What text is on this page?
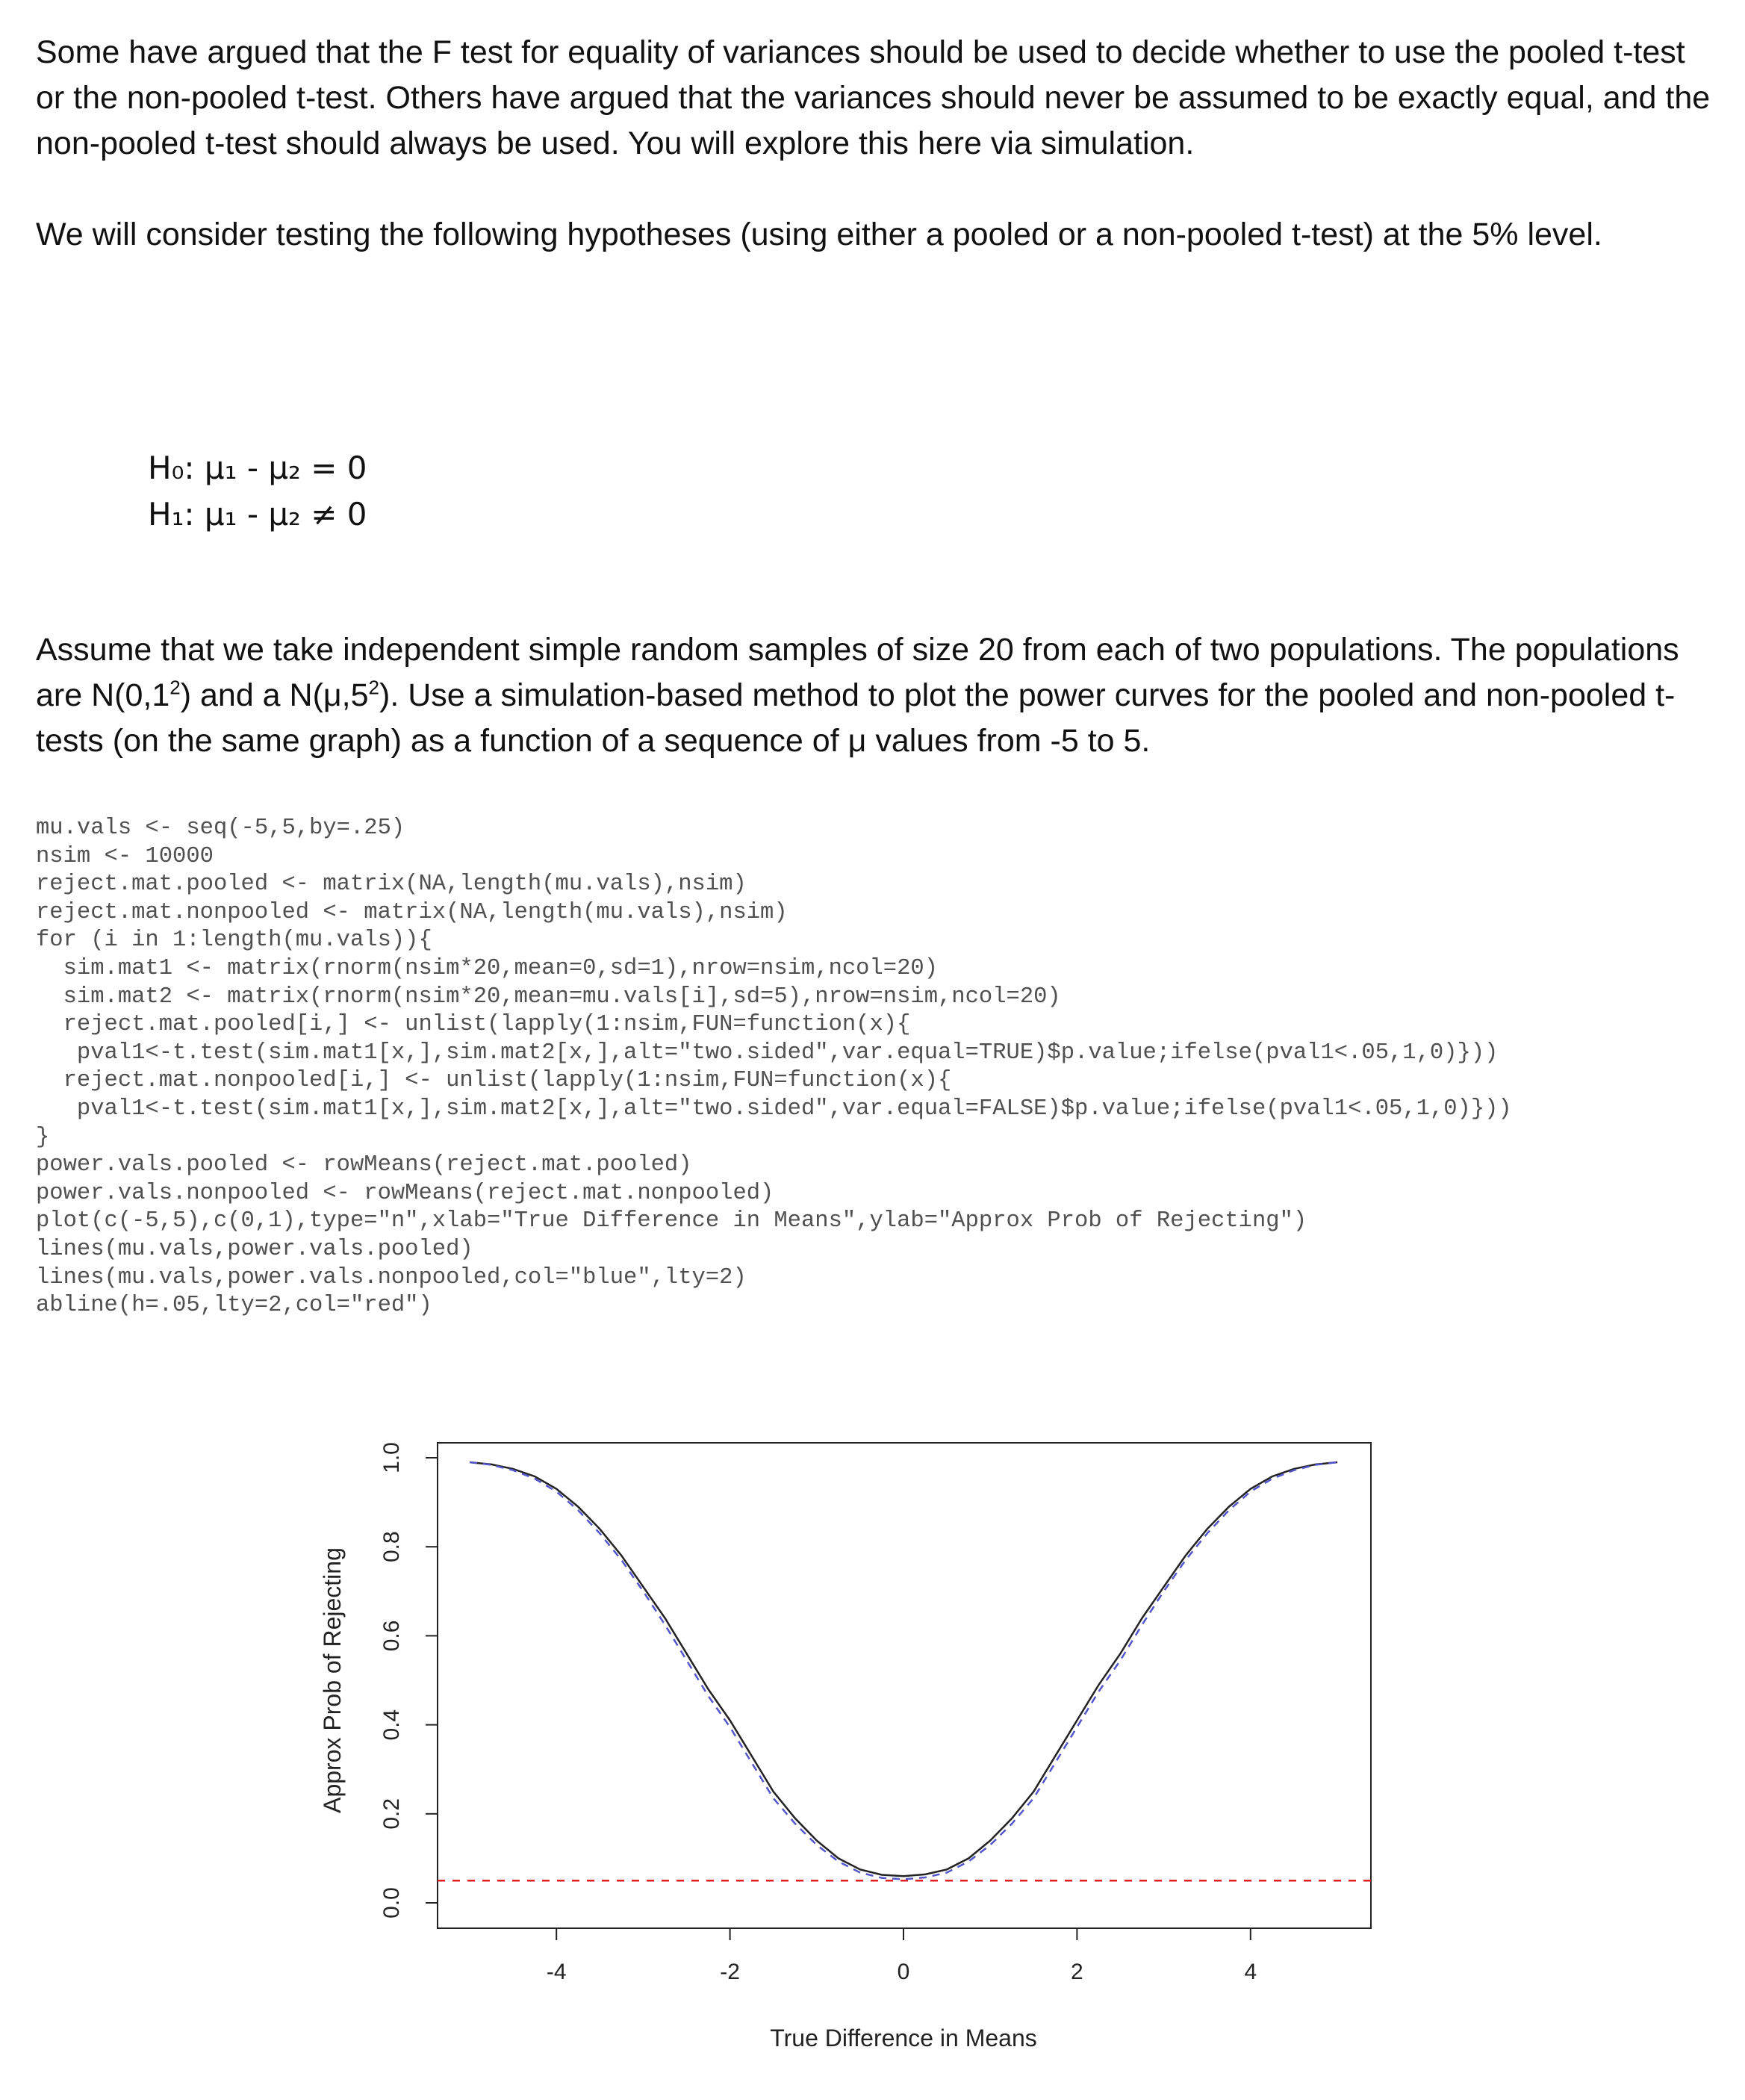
Some have argued that the F test for equality of variances should be used to decide whether to use the pooled t-test or the non-pooled t-test. Others have argued that the variances should never be assumed to be exactly equal, and the non-pooled t-test should always be used. You will explore this here via simulation.
We will consider testing the following hypotheses (using either a pooled or a non-pooled t-test) at the 5% level.
H₀: μ₁ - μ₂ = 0
H₁: μ₁ - μ₂ ≠ 0
Assume that we take independent simple random samples of size 20 from each of two populations. The populations are $N(0,1^2)$ and a $N(\mu,5^2)$. Use a simulation-based method to plot the power curves for the pooled and non-pooled t-tests (on the same graph) as a function of a sequence of μ values from -5 to 5.
mu.vals <- seq(-5,5,by=.25)
nsim <- 10000
reject.mat.pooled <- matrix(NA,length(mu.vals),nsim)
reject.mat.nonpooled <- matrix(NA,length(mu.vals),nsim)
for (i in 1:length(mu.vals)){
sim.mat1 <- matrix(rnorm(nsim*20,mean=0,sd=1),nrow=nsim,ncol=20)
sim.mat2 <- matrix(rnorm(nsim*20,mean=mu.vals[i],sd=5),nrow=nsim,ncol=20)
reject.mat.pooled[i,] <- unlist(lapply(1:nsim,FUN=function(x){
pval1<-t.test(sim.mat1[x,],sim.mat2[x,],alt="two.sided",var.equal=TRUE)$p.value;ifelse(pval1<.05,1,0)}))
reject.mat.nonpooled[i,] <- unlist(lapply(1:nsim,FUN=function(x){
pval1<-t.test(sim.mat1[x,],sim.mat2[x,],alt="two.sided",var.equal=FALSE)$p.value;ifelse(pval1<.05,1,0)}))
}
power.vals.pooled <- rowMeans(reject.mat.pooled)
power.vals.nonpooled <- rowMeans(reject.mat.nonpooled)
plot(c(-5,5),c(0,1),type="n",xlab="True Difference in Means",ylab="Approx Prob of Rejecting")
lines(mu.vals,power.vals.pooled)
lines(mu.vals,power.vals.nonpooled,col="blue",lty=2)
abline(h=.05,lty=2,col="red")
-4	-2	0	2	4
0.0
0.2
0.4
0.6
0.8
1.0
True Difference in Means
Approx Prob of Rejecting
